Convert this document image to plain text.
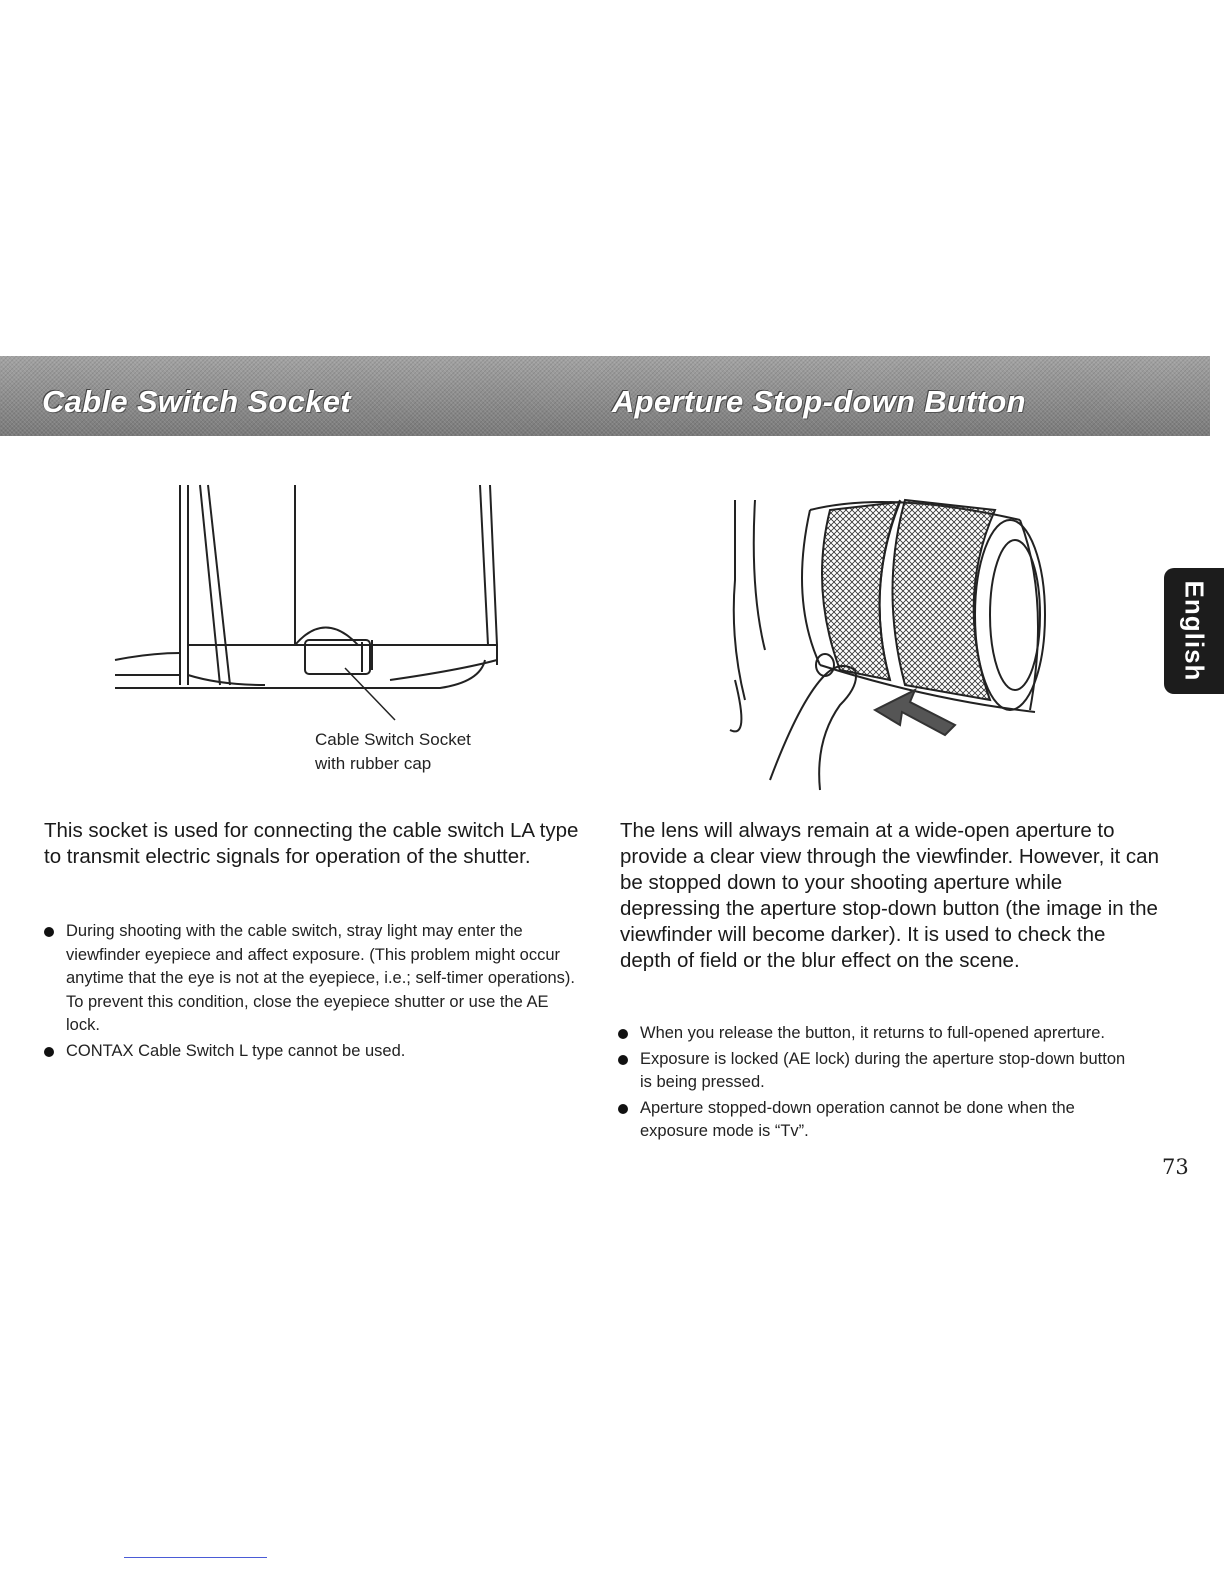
Cable Switch Socket	Aperture Stop-down Button
Cable Switch Socket
with rubber cap

This socket is used for connecting the cable switch LA type to transmit electric signals for operation of the shutter.

During shooting with the cable switch, stray light may enter the viewfinder eyepiece and affect exposure. (This problem might occur anytime that the eye is not at the eyepiece, i.e.; self-timer operations). To prevent this condition, close the eyepiece shutter or use the AE lock.
CONTAX Cable Switch L type cannot be used.

The lens will always remain at a wide-open aperture to provide a clear view through the viewfinder. However, it can be stopped down to your shooting aperture while depressing the aperture stop-down button (the image in the viewfinder will become darker). It is used to check the depth of field or the blur effect on the scene.

When you release the button, it returns to full-opened aprerture.
Exposure is locked (AE lock) during the aperture stop-down button is being pressed.
Aperture stopped-down operation cannot be done when the exposure mode is “Tv”.
English
73
